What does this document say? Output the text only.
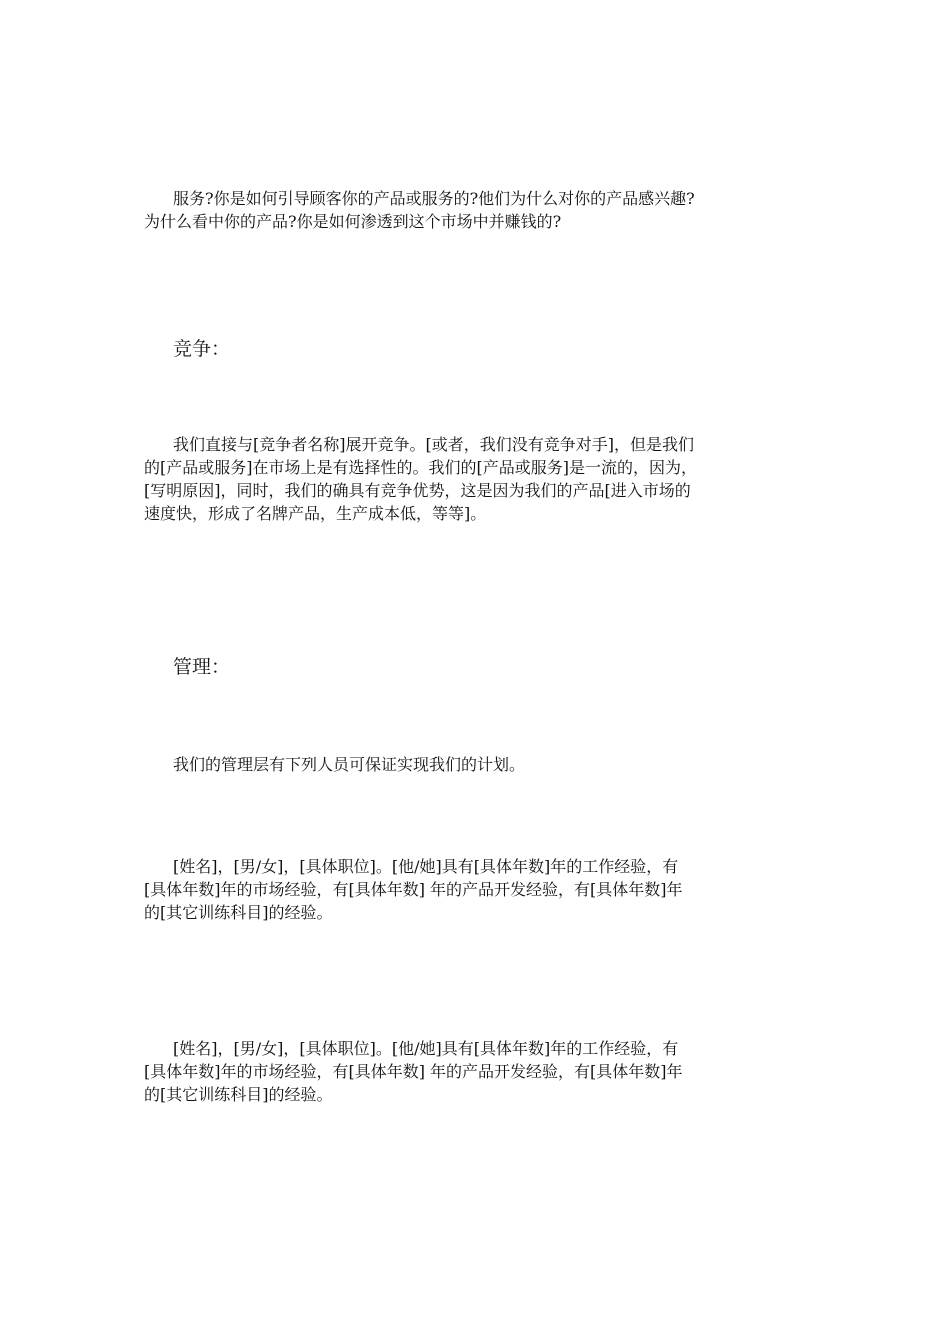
服务?你是如何引导顾客你的产品或服务的?他们为什么对你的产品感兴趣?
为什么看中你的产品?你是如何渗透到这个市场中并赚钱的?
竞争：
我们直接与[竞争者名称]展开竞争。[或者，我们没有竞争对手]，但是我们
的[产品或服务]在市场上是有选择性的。我们的[产品或服务]是一流的，因为，
[写明原因]，同时，我们的确具有竞争优势，这是因为我们的产品[进入市场的
速度快，形成了名牌产品，生产成本低，等等]。
管理：
我们的管理层有下列人员可保证实现我们的计划。
[姓名]，[男/女]，[具体职位]。[他/她]具有[具体年数]年的工作经验，有
[具体年数]年的市场经验，有[具体年数] 年的产品开发经验，有[具体年数]年
的[其它训练科目]的经验。
[姓名]，[男/女]，[具体职位]。[他/她]具有[具体年数]年的工作经验，有
[具体年数]年的市场经验，有[具体年数] 年的产品开发经验，有[具体年数]年
的[其它训练科目]的经验。
